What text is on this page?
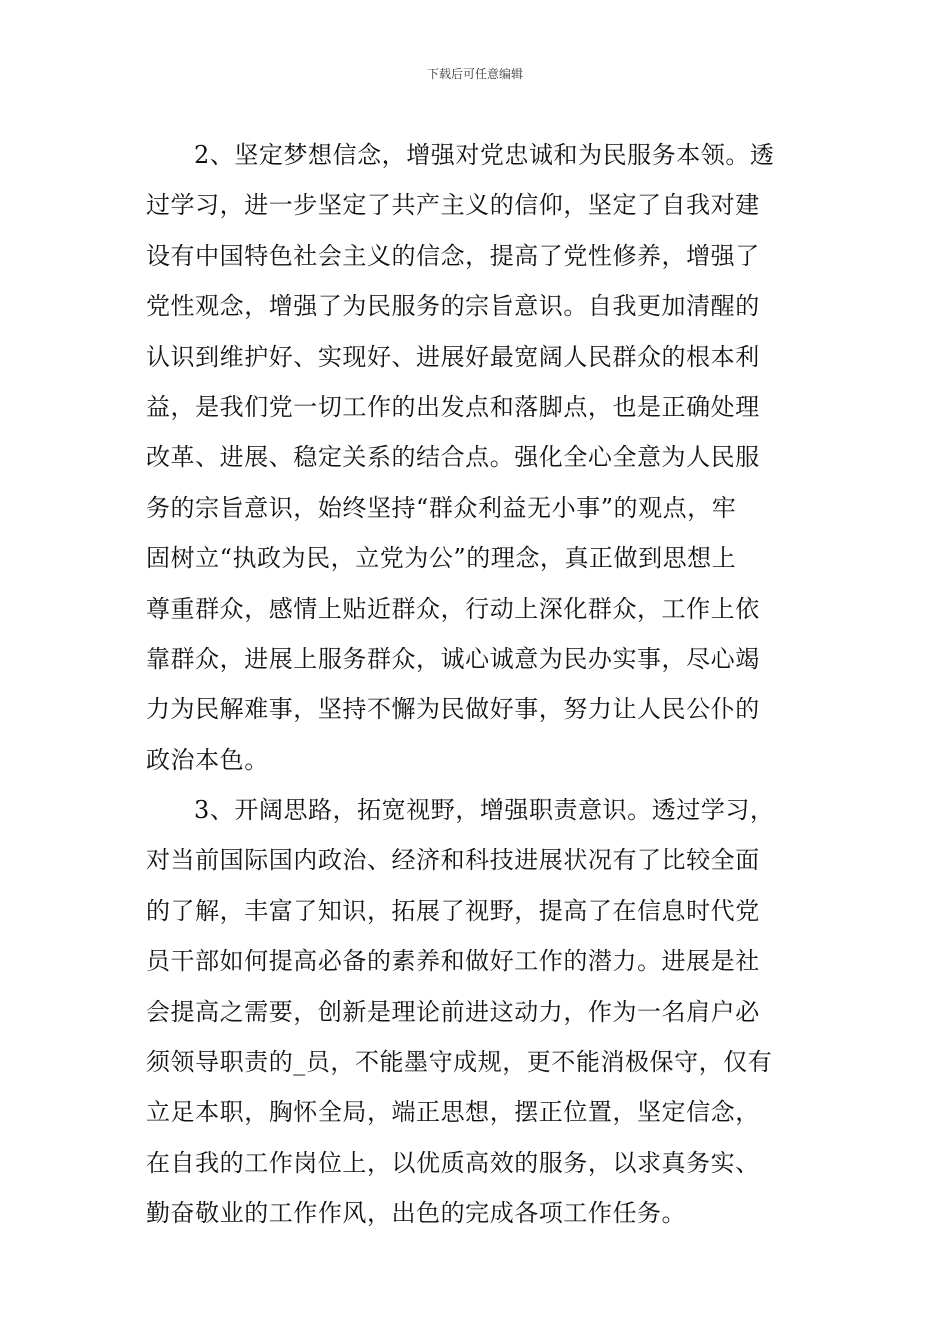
下载后可任意编辑
2、坚定梦想信念，增强对党忠诚和为民服务本领。透
过学习，进一步坚定了共产主义的信仰，坚定了自我对建
设有中国特色社会主义的信念，提高了党性修养，增强了
党性观念，增强了为民服务的宗旨意识。自我更加清醒的
认识到维护好、实现好、进展好最宽阔人民群众的根本利
益，是我们党一切工作的出发点和落脚点，也是正确处理
改革、进展、稳定关系的结合点。强化全心全意为人民服
务的宗旨意识，始终坚持“群众利益无小事”的观点，牢
固树立“执政为民，立党为公”的理念，真正做到思想上
尊重群众，感情上贴近群众，行动上深化群众，工作上依
靠群众，进展上服务群众，诚心诚意为民办实事，尽心竭
力为民解难事，坚持不懈为民做好事，努力让人民公仆的
政治本色。
3、开阔思路，拓宽视野，增强职责意识。透过学习，
对当前国际国内政治、经济和科技进展状况有了比较全面
的了解，丰富了知识，拓展了视野，提高了在信息时代党
员干部如何提高必备的素养和做好工作的潜力。进展是社
会提高之需要，创新是理论前进这动力，作为一名肩户必
须领导职责的_员，不能墨守成规，更不能消极保守，仅有
立足本职，胸怀全局，端正思想，摆正位置，坚定信念，
在自我的工作岗位上，以优质高效的服务，以求真务实、
勤奋敬业的工作作风，出色的完成各项工作任务。
